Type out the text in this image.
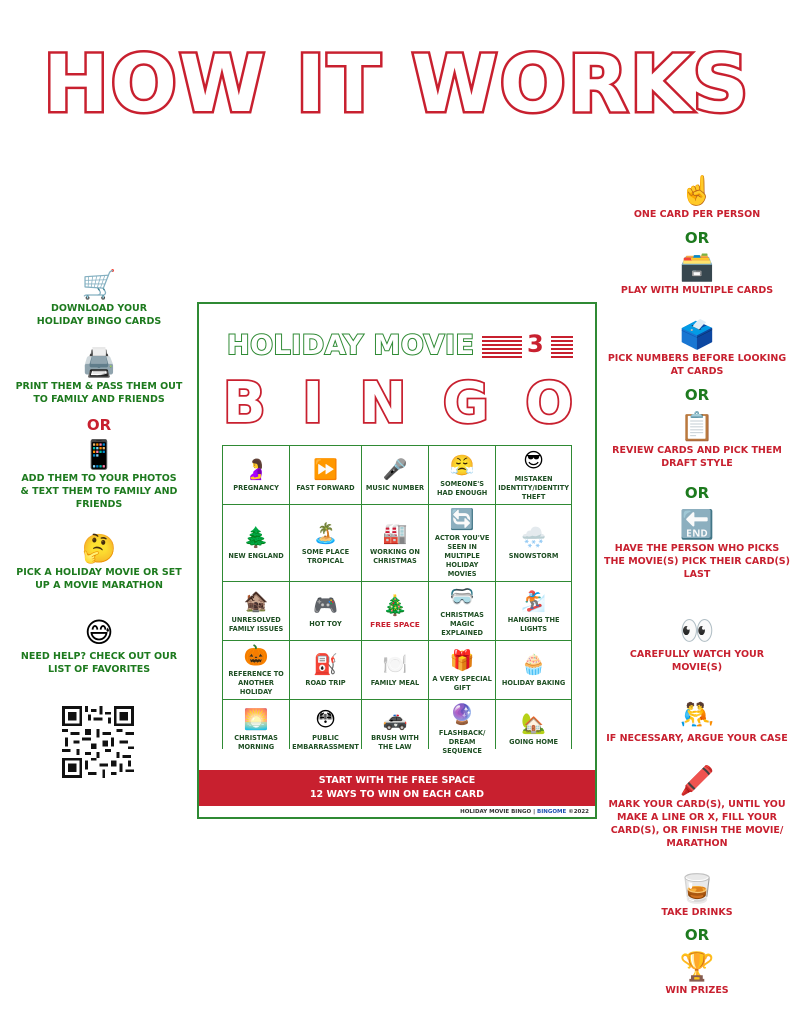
HOW IT WORKS
🛒
DOWNLOAD YOUR HOLIDAY BINGO CARDS
🖨️
PRINT THEM & PASS THEM OUT TO FAMILY AND FRIENDS
OR
📱
ADD THEM TO YOUR PHOTOS & TEXT THEM TO FAMILY AND FRIENDS
🤔
PICK A HOLIDAY MOVIE OR SET UP A MOVIE MARATHON
😅
NEED HELP? CHECK OUT OUR LIST OF FAVORITES
☝️
ONE CARD PER PERSON
OR
🗃️
PLAY WITH MULTIPLE CARDS
🗳️
PICK NUMBERS BEFORE LOOKING AT CARDS
OR
📋
REVIEW CARDS AND PICK THEM DRAFT STYLE
OR
🔚
HAVE THE PERSON WHO PICKS THE MOVIE(S) PICK THEIR CARD(S) LAST
👀
CAREFULLY WATCH YOUR MOVIE(S)
🤼
IF NECESSARY, ARGUE YOUR CASE
🖍️
MARK YOUR CARD(S), UNTIL YOU MAKE A LINE OR X, FILL YOUR CARD(S), OR FINISH THE MOVIE/ MARATHON
🥃
TAKE DRINKS
OR
🏆
WIN PRIZES
HOLIDAY MOVIE 3
B I N G O
🤰
PREGNANCY
⏩
FAST FORWARD
🎤
MUSIC NUMBER
😤
SOMEONE'S HAD ENOUGH
😎
MISTAKEN IDENTITY/IDENTITY THEFT
🌲
NEW ENGLAND
🏝️
SOME PLACE TROPICAL
🏭
WORKING ON CHRISTMAS
🔄
ACTOR YOU'VE SEEN IN MULTIPLE HOLIDAY MOVIES
🌨️
SNOWSTORM
🏚️
UNRESOLVED FAMILY ISSUES
🎮
HOT TOY
🎄
FREE SPACE
🥽
CHRISTMAS MAGIC EXPLAINED
🏂
HANGING THE LIGHTS
🎃
REFERENCE TO ANOTHER HOLIDAY
⛽
ROAD TRIP
🍽️
FAMILY MEAL
🎁
A VERY SPECIAL GIFT
🧁
HOLIDAY BAKING
🌅
CHRISTMAS MORNING
😳
PUBLIC EMBARRASSMENT
🚓
BRUSH WITH THE LAW
🔮
FLASHBACK/ DREAM SEQUENCE
🏡
GOING HOME
START WITH THE FREE SPACE
12 WAYS TO WIN ON EACH CARD
HOLIDAY MOVIE BINGO | BINGOME ©2022
